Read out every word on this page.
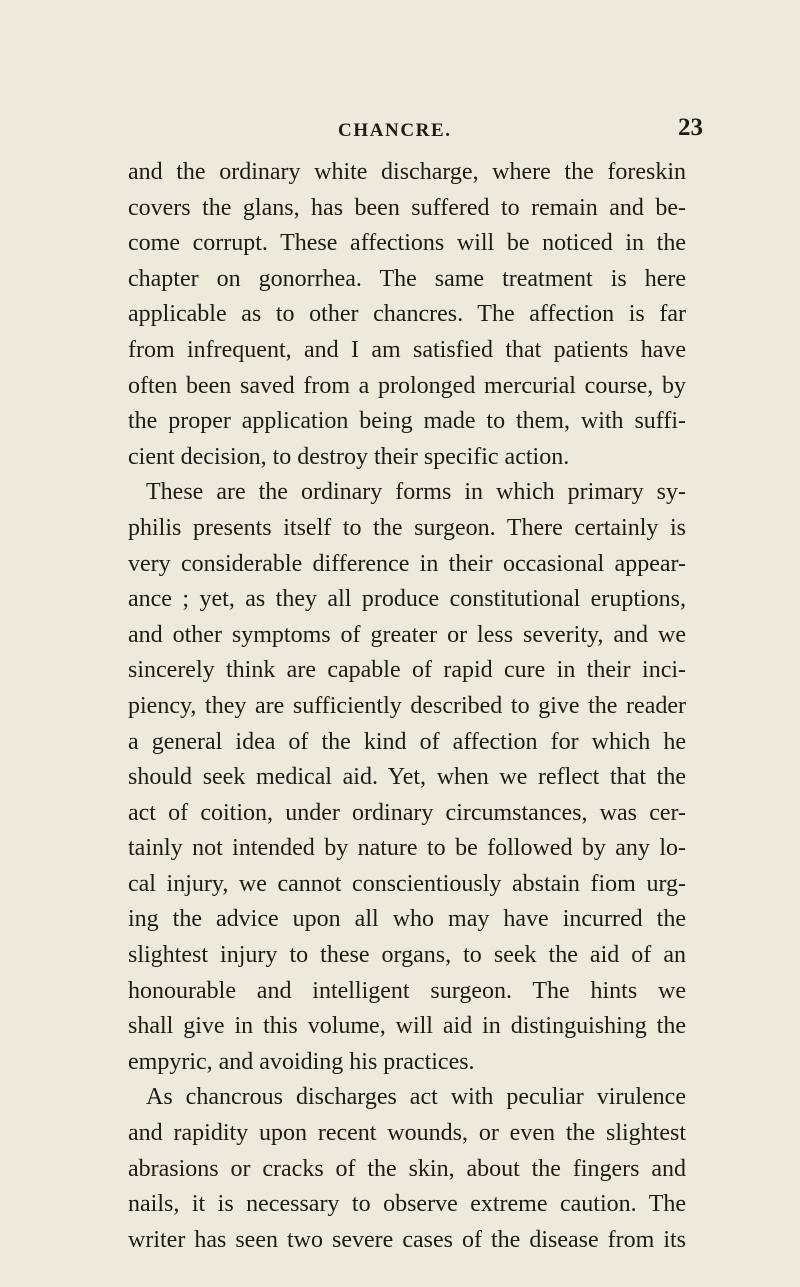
CHANCRE.	23
and the ordinary white discharge, where the foreskin
covers the glans, has been suffered to remain and be-
come corrupt. These affections will be noticed in the
chapter on gonorrhea. The same treatment is here
applicable as to other chancres. The affection is far
from infrequent, and I am satisfied that patients have
often been saved from a prolonged mercurial course, by
the proper application being made to them, with suffi-
cient decision, to destroy their specific action.
These are the ordinary forms in which primary sy-
philis presents itself to the surgeon. There certainly is
very considerable difference in their occasional appear-
ance ; yet, as they all produce constitutional eruptions,
and other symptoms of greater or less severity, and we
sincerely think are capable of rapid cure in their inci-
piency, they are sufficiently described to give the reader
a general idea of the kind of affection for which he
should seek medical aid. Yet, when we reflect that the
act of coition, under ordinary circumstances, was cer-
tainly not intended by nature to be followed by any lo-
cal injury, we cannot conscientiously abstain fiom urg-
ing the advice upon all who may have incurred the
slightest injury to these organs, to seek the aid of an
honourable and intelligent surgeon. The hints we
shall give in this volume, will aid in distinguishing the
empyric, and avoiding his practices.
As chancrous discharges act with peculiar virulence
and rapidity upon recent wounds, or even the slightest
abrasions or cracks of the skin, about the fingers and
nails, it is necessary to observe extreme caution. The
writer has seen two severe cases of the disease from its
